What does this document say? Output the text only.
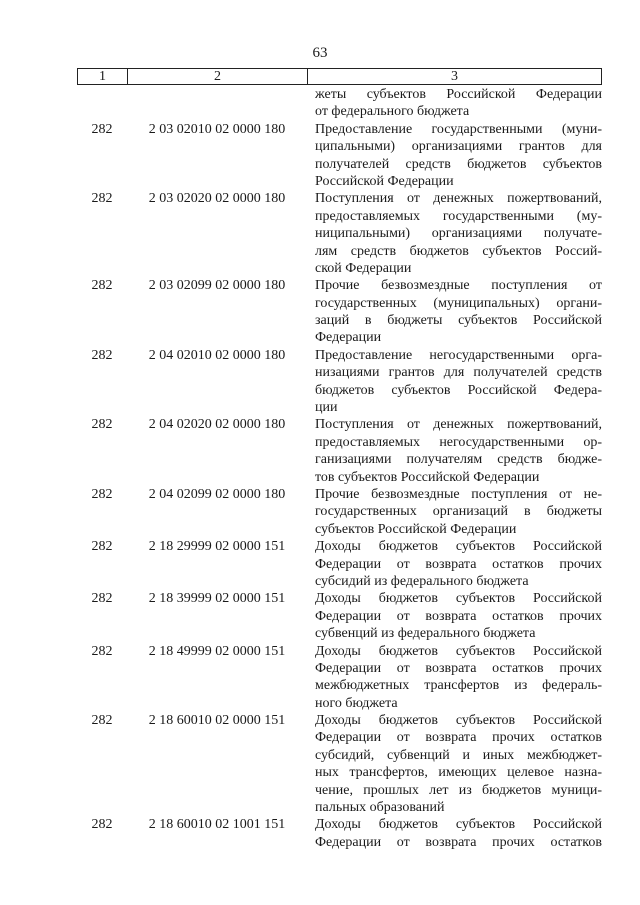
63
1	2	3
жеты субъектов Российской Федерации
от федерального бюджета
282	2 03 02010 02 0000 180	Предоставление государственными (муни-
ципальными) организациями грантов для
получателей средств бюджетов субъектов
Российской Федерации
282	2 03 02020 02 0000 180	Поступления от денежных пожертвований,
предоставляемых государственными (му-
ниципальными) организациями получате-
лям средств бюджетов субъектов Россий-
ской Федерации
282	2 03 02099 02 0000 180	Прочие безвозмездные поступления от
государственных (муниципальных) органи-
заций в бюджеты субъектов Российской
Федерации
282	2 04 02010 02 0000 180	Предоставление негосударственными орга-
низациями грантов для получателей средств
бюджетов субъектов Российской Федера-
ции
282	2 04 02020 02 0000 180	Поступления от денежных пожертвований,
предоставляемых негосударственными ор-
ганизациями получателям средств бюдже-
тов субъектов Российской Федерации
282	2 04 02099 02 0000 180	Прочие безвозмездные поступления от не-
государственных организаций в бюджеты
субъектов Российской Федерации
282	2 18 29999 02 0000 151	Доходы бюджетов субъектов Российской
Федерации от возврата остатков прочих
субсидий из федерального бюджета
282	2 18 39999 02 0000 151	Доходы бюджетов субъектов Российской
Федерации от возврата остатков прочих
субвенций из федерального бюджета
282	2 18 49999 02 0000 151	Доходы бюджетов субъектов Российской
Федерации от возврата остатков прочих
межбюджетных трансфертов из федераль-
ного бюджета
282	2 18 60010 02 0000 151	Доходы бюджетов субъектов Российской
Федерации от возврата прочих остатков
субсидий, субвенций и иных межбюджет-
ных трансфертов, имеющих целевое назна-
чение, прошлых лет из бюджетов муници-
пальных образований
282	2 18 60010 02 1001 151	Доходы бюджетов субъектов Российской
Федерации от возврата прочих остатков
